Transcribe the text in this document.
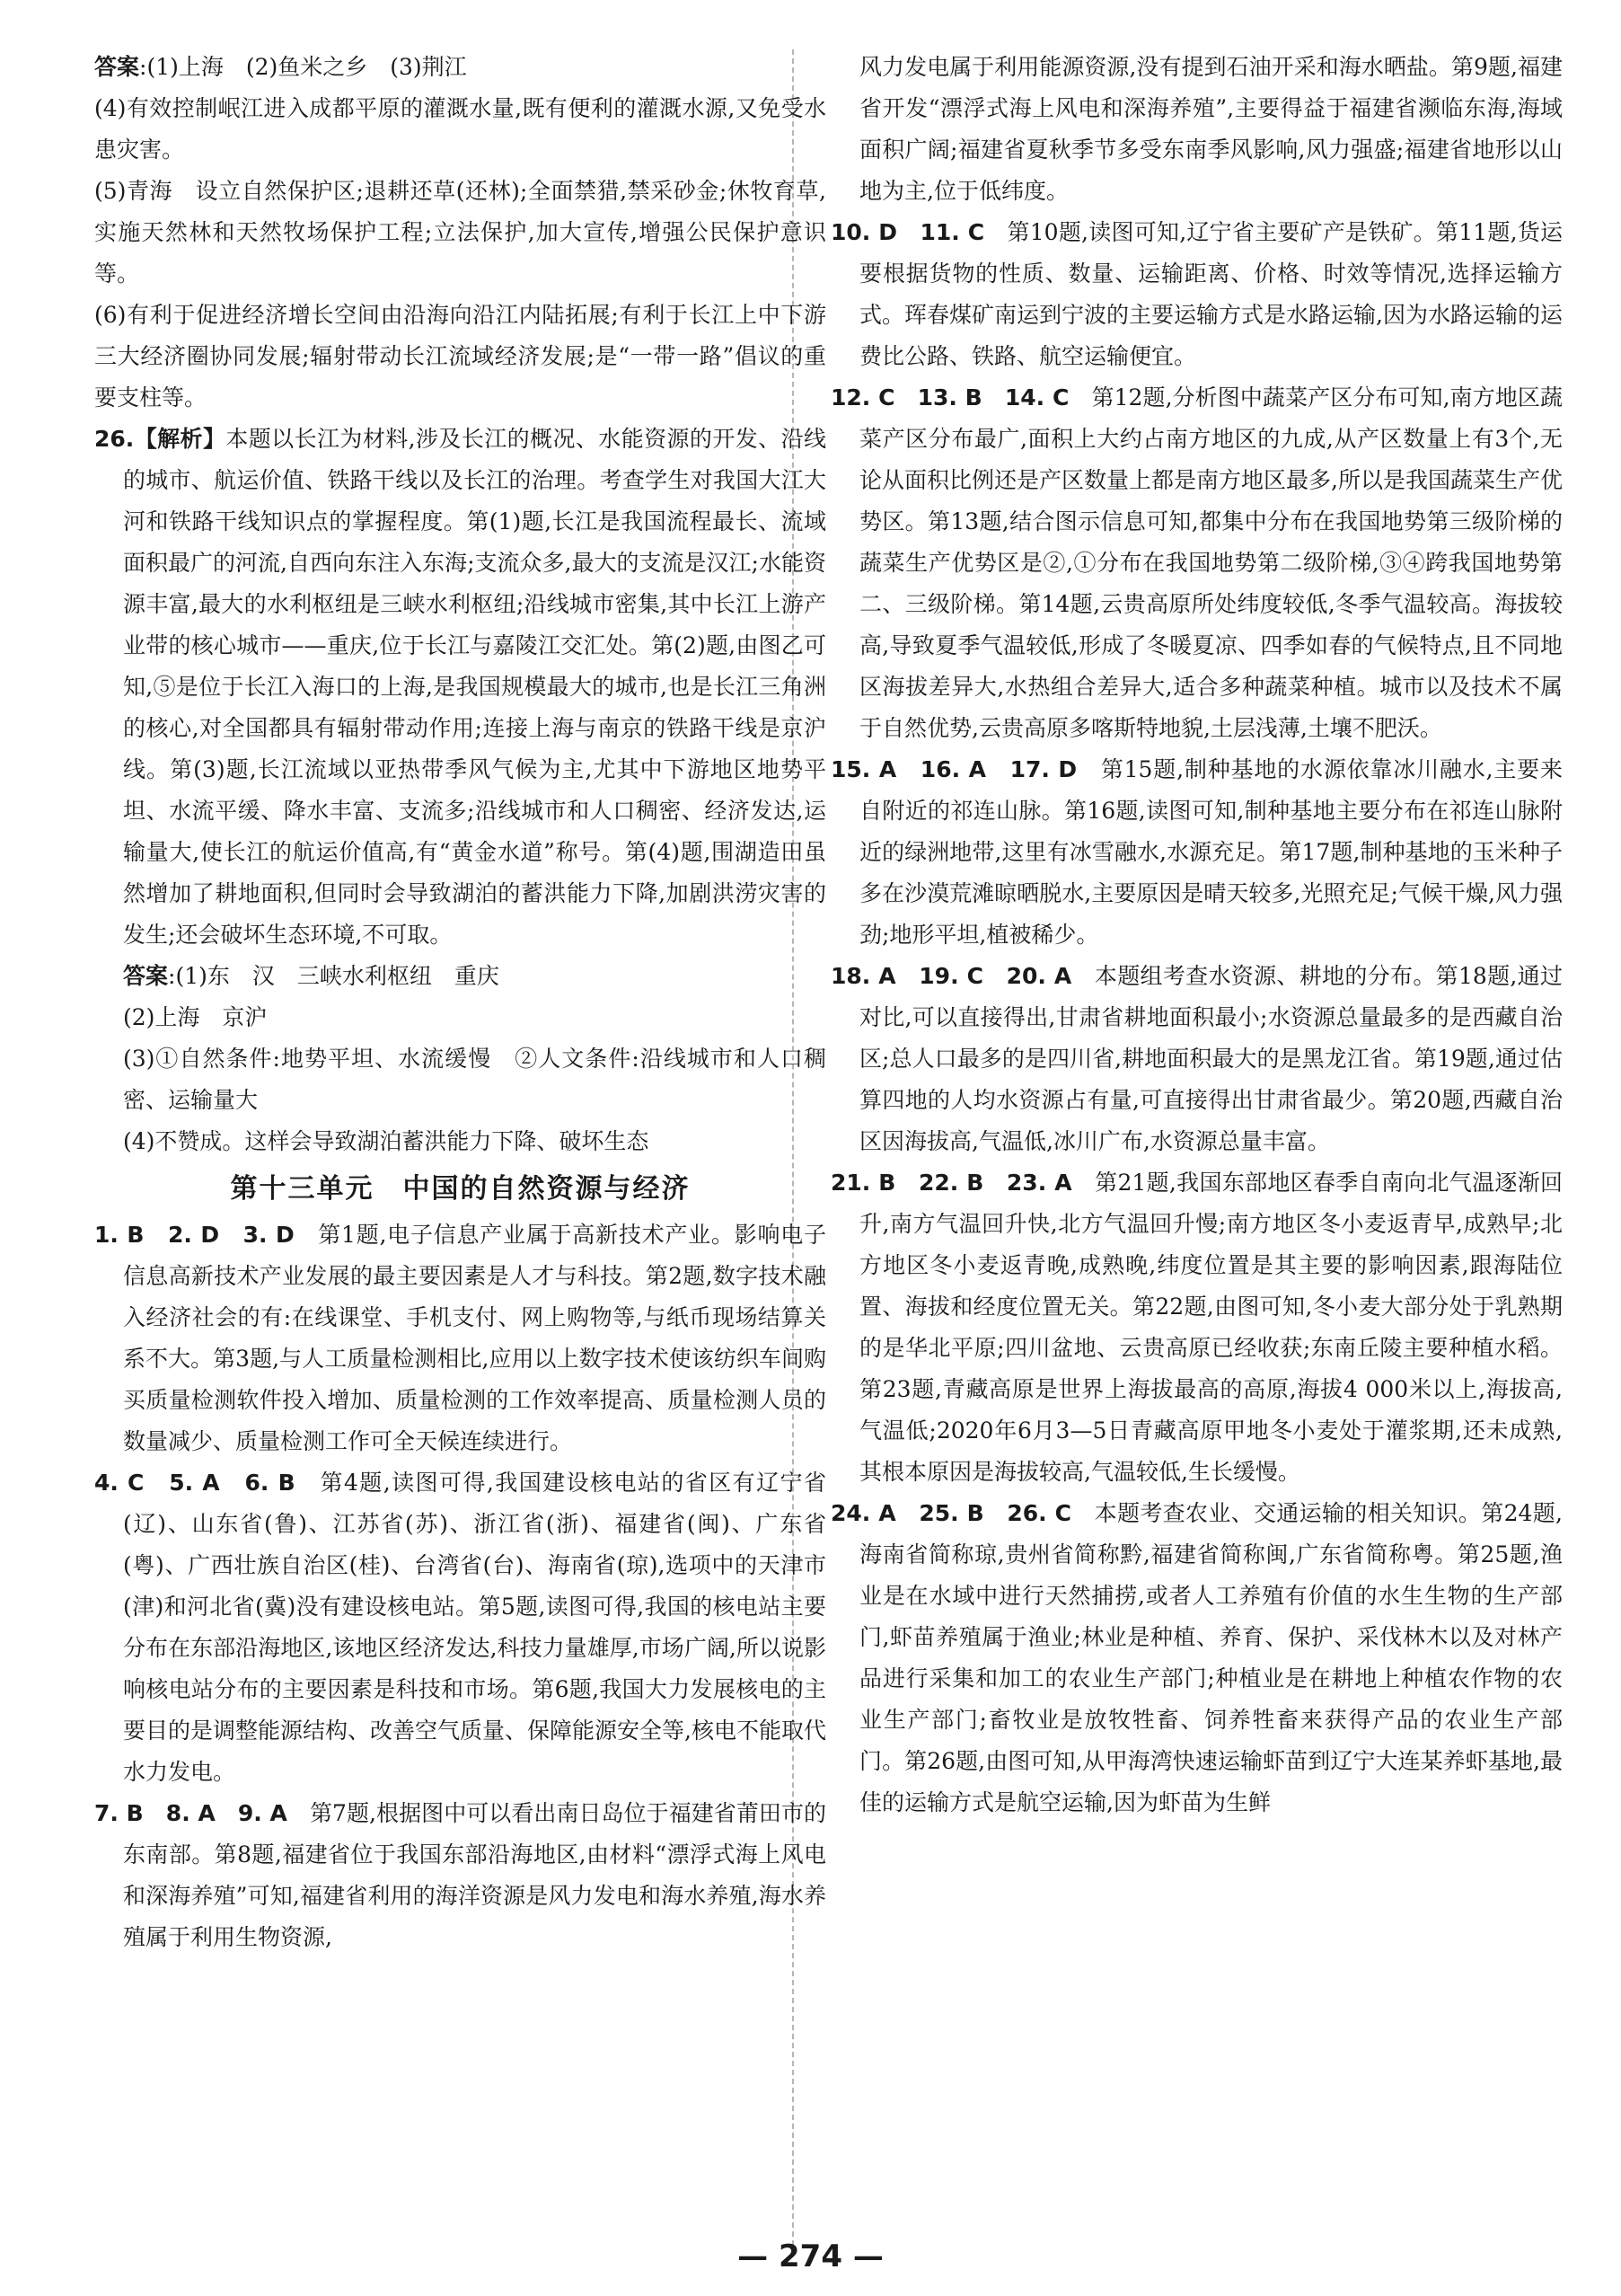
答案:(1)上海　(2)鱼米之乡　(3)荆江

(4)有效控制岷江进入成都平原的灌溉水量,既有便利的灌溉水源,又免受水患灾害。

(5)青海　设立自然保护区;退耕还草(还林);全面禁猎,禁采砂金;休牧育草,实施天然林和天然牧场保护工程;立法保护,加大宣传,增强公民保护意识等。

(6)有利于促进经济增长空间由沿海向沿江内陆拓展;有利于长江上中下游三大经济圈协同发展;辐射带动长江流域经济发展;是“一带一路”倡议的重要支柱等。

26.【解析】本题以长江为材料,涉及长江的概况、水能资源的开发、沿线的城市、航运价值、铁路干线以及长江的治理。考查学生对我国大江大河和铁路干线知识点的掌握程度。第(1)题,长江是我国流程最长、流域面积最广的河流,自西向东注入东海;支流众多,最大的支流是汉江;水能资源丰富,最大的水利枢纽是三峡水利枢纽;沿线城市密集,其中长江上游产业带的核心城市——重庆,位于长江与嘉陵江交汇处。第(2)题,由图乙可知,⑤是位于长江入海口的上海,是我国规模最大的城市,也是长江三角洲的核心,对全国都具有辐射带动作用;连接上海与南京的铁路干线是京沪线。第(3)题,长江流域以亚热带季风气候为主,尤其中下游地区地势平坦、水流平缓、降水丰富、支流多;沿线城市和人口稠密、经济发达,运输量大,使长江的航运价值高,有“黄金水道”称号。第(4)题,围湖造田虽然增加了耕地面积,但同时会导致湖泊的蓄洪能力下降,加剧洪涝灾害的发生;还会破坏生态环境,不可取。

答案:(1)东　汉　三峡水利枢纽　重庆

(2)上海　京沪

(3)①自然条件:地势平坦、水流缓慢　②人文条件:沿线城市和人口稠密、运输量大

(4)不赞成。这样会导致湖泊蓄洪能力下降、破坏生态

第十三单元　中国的自然资源与经济

1. B　2. D　3. D　第1题,电子信息产业属于高新技术产业。影响电子信息高新技术产业发展的最主要因素是人才与科技。第2题,数字技术融入经济社会的有:在线课堂、手机支付、网上购物等,与纸币现场结算关系不大。第3题,与人工质量检测相比,应用以上数字技术使该纺织车间购买质量检测软件投入增加、质量检测的工作效率提高、质量检测人员的数量减少、质量检测工作可全天候连续进行。

4. C　5. A　6. B　第4题,读图可得,我国建设核电站的省区有辽宁省(辽)、山东省(鲁)、江苏省(苏)、浙江省(浙)、福建省(闽)、广东省(粤)、广西壮族自治区(桂)、台湾省(台)、海南省(琼),选项中的天津市(津)和河北省(冀)没有建设核电站。第5题,读图可得,我国的核电站主要分布在东部沿海地区,该地区经济发达,科技力量雄厚,市场广阔,所以说影响核电站分布的主要因素是科技和市场。第6题,我国大力发展核电的主要目的是调整能源结构、改善空气质量、保障能源安全等,核电不能取代水力发电。

7. B　8. A　9. A　第7题,根据图中可以看出南日岛位于福建省莆田市的东南部。第8题,福建省位于我国东部沿海地区,由材料“漂浮式海上风电和深海养殖”可知,福建省利用的海洋资源是风力发电和海水养殖,海水养殖属于利用生物资源,

风力发电属于利用能源资源,没有提到石油开采和海水晒盐。第9题,福建省开发“漂浮式海上风电和深海养殖”,主要得益于福建省濒临东海,海域面积广阔;福建省夏秋季节多受东南季风影响,风力强盛;福建省地形以山地为主,位于低纬度。

10. D　11. C　第10题,读图可知,辽宁省主要矿产是铁矿。第11题,货运要根据货物的性质、数量、运输距离、价格、时效等情况,选择运输方式。珲春煤矿南运到宁波的主要运输方式是水路运输,因为水路运输的运费比公路、铁路、航空运输便宜。

12. C　13. B　14. C　第12题,分析图中蔬菜产区分布可知,南方地区蔬菜产区分布最广,面积上大约占南方地区的九成,从产区数量上有3个,无论从面积比例还是产区数量上都是南方地区最多,所以是我国蔬菜生产优势区。第13题,结合图示信息可知,都集中分布在我国地势第三级阶梯的蔬菜生产优势区是②,①分布在我国地势第二级阶梯,③④跨我国地势第二、三级阶梯。第14题,云贵高原所处纬度较低,冬季气温较高。海拔较高,导致夏季气温较低,形成了冬暖夏凉、四季如春的气候特点,且不同地区海拔差异大,水热组合差异大,适合多种蔬菜种植。城市以及技术不属于自然优势,云贵高原多喀斯特地貌,土层浅薄,土壤不肥沃。

15. A　16. A　17. D　第15题,制种基地的水源依靠冰川融水,主要来自附近的祁连山脉。第16题,读图可知,制种基地主要分布在祁连山脉附近的绿洲地带,这里有冰雪融水,水源充足。第17题,制种基地的玉米种子多在沙漠荒滩晾晒脱水,主要原因是晴天较多,光照充足;气候干燥,风力强劲;地形平坦,植被稀少。

18. A　19. C　20. A　本题组考查水资源、耕地的分布。第18题,通过对比,可以直接得出,甘肃省耕地面积最小;水资源总量最多的是西藏自治区;总人口最多的是四川省,耕地面积最大的是黑龙江省。第19题,通过估算四地的人均水资源占有量,可直接得出甘肃省最少。第20题,西藏自治区因海拔高,气温低,冰川广布,水资源总量丰富。

21. B　22. B　23. A　第21题,我国东部地区春季自南向北气温逐渐回升,南方气温回升快,北方气温回升慢;南方地区冬小麦返青早,成熟早;北方地区冬小麦返青晚,成熟晚,纬度位置是其主要的影响因素,跟海陆位置、海拔和经度位置无关。第22题,由图可知,冬小麦大部分处于乳熟期的是华北平原;四川盆地、云贵高原已经收获;东南丘陵主要种植水稻。第23题,青藏高原是世界上海拔最高的高原,海拔4 000米以上,海拔高,气温低;2020年6月3—5日青藏高原甲地冬小麦处于灌浆期,还未成熟,其根本原因是海拔较高,气温较低,生长缓慢。

24. A　25. B　26. C　本题考查农业、交通运输的相关知识。第24题,海南省简称琼,贵州省简称黔,福建省简称闽,广东省简称粤。第25题,渔业是在水域中进行天然捕捞,或者人工养殖有价值的水生生物的生产部门,虾苗养殖属于渔业;林业是种植、养育、保护、采伐林木以及对林产品进行采集和加工的农业生产部门;种植业是在耕地上种植农作物的农业生产部门;畜牧业是放牧牲畜、饲养牲畜来获得产品的农业生产部门。第26题,由图可知,从甲海湾快速运输虾苗到辽宁大连某养虾基地,最佳的运输方式是航空运输,因为虾苗为生鲜

— 274 —
